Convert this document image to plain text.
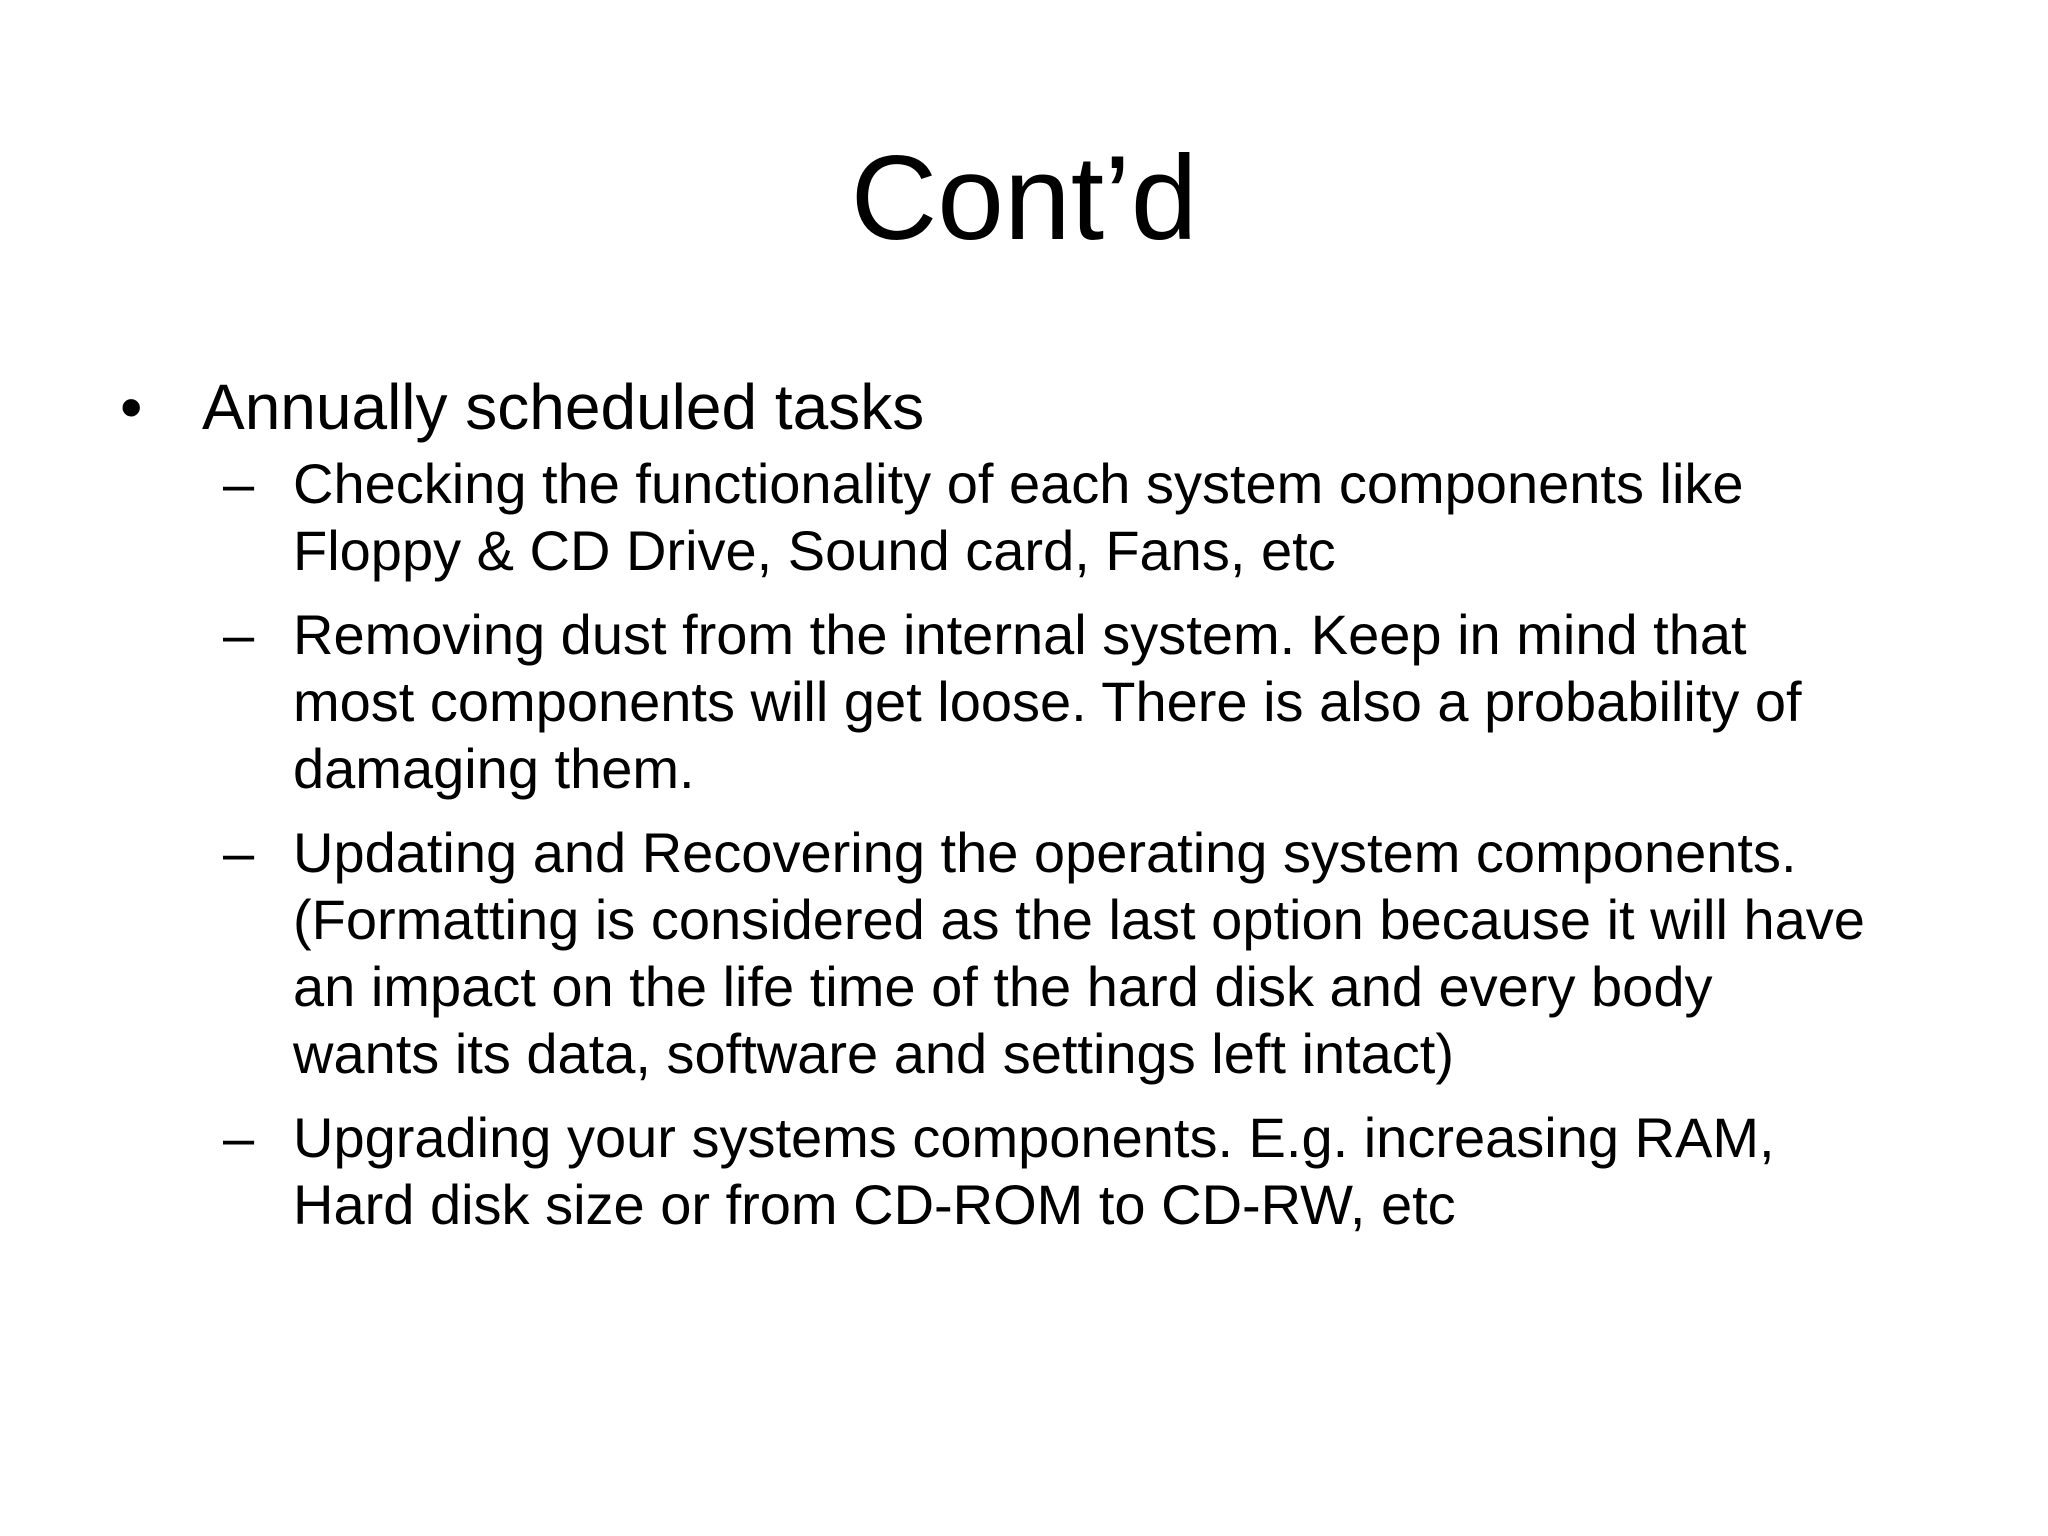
Cont’d
• Annually scheduled tasks
– Checking the functionality of each system components like Floppy & CD Drive, Sound card, Fans, etc
– Removing dust from the internal system. Keep in mind that most components will get loose. There is also a probability of damaging them.
– Updating and Recovering the operating system components. (Formatting is considered as the last option because it will have an impact on the life time of the hard disk and every body wants its data, software and settings left intact)
– Upgrading your systems components. E.g. increasing RAM, Hard disk size or from CD-ROM to CD-RW, etc
